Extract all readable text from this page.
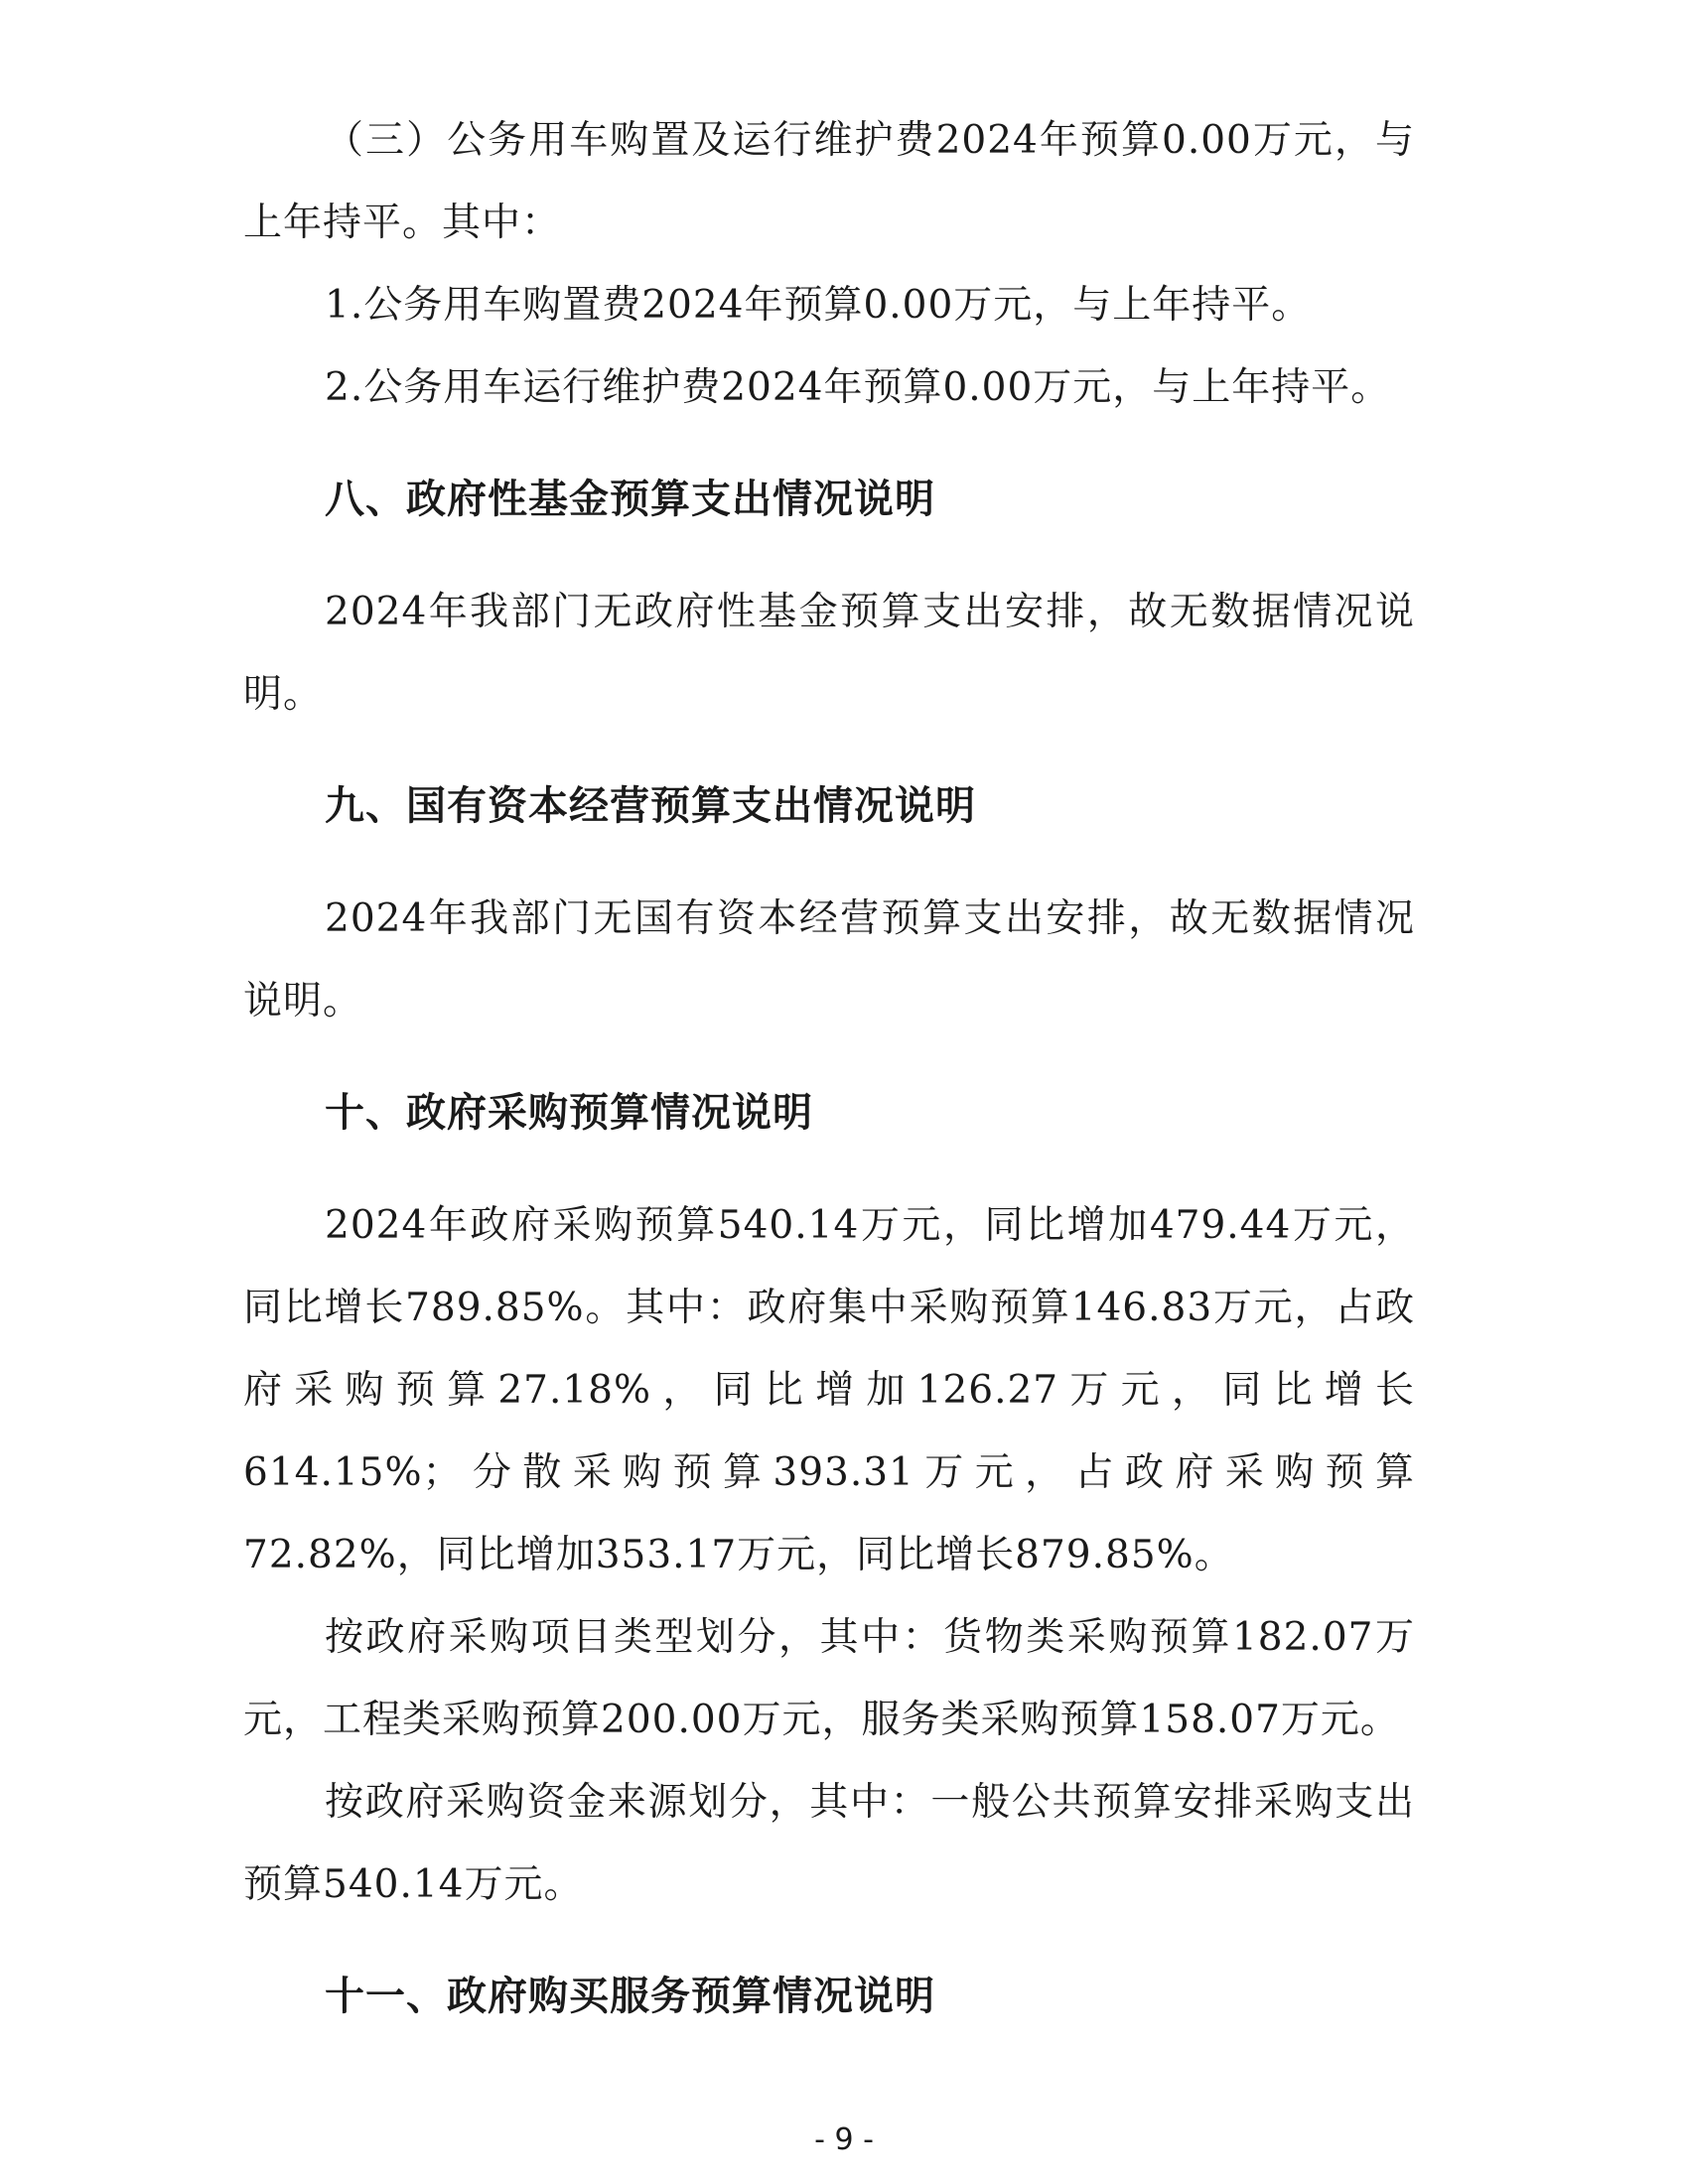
（三）公务用车购置及运行维护费2024年预算0.00万元，与上年持平。其中：

1.公务用车购置费2024年预算0.00万元，与上年持平。

2.公务用车运行维护费2024年预算0.00万元，与上年持平。

八、政府性基金预算支出情况说明

2024年我部门无政府性基金预算支出安排，故无数据情况说明。

九、国有资本经营预算支出情况说明

2024年我部门无国有资本经营预算支出安排，故无数据情况说明。

十、政府采购预算情况说明

2024年政府采购预算540.14万元，同比增加479.44万元，同比增长789.85%。其中：政府集中采购预算146.83万元，占政府采购预算27.18%，同比增加126.27万元，同比增长614.15%；分散采购预算393.31万元，占政府采购预算72.82%，同比增加353.17万元，同比增长879.85%。

按政府采购项目类型划分，其中：货物类采购预算182.07万元，工程类采购预算200.00万元，服务类采购预算158.07万元。

按政府采购资金来源划分，其中：一般公共预算安排采购支出预算540.14万元。

十一、政府购买服务预算情况说明
- 9 -
